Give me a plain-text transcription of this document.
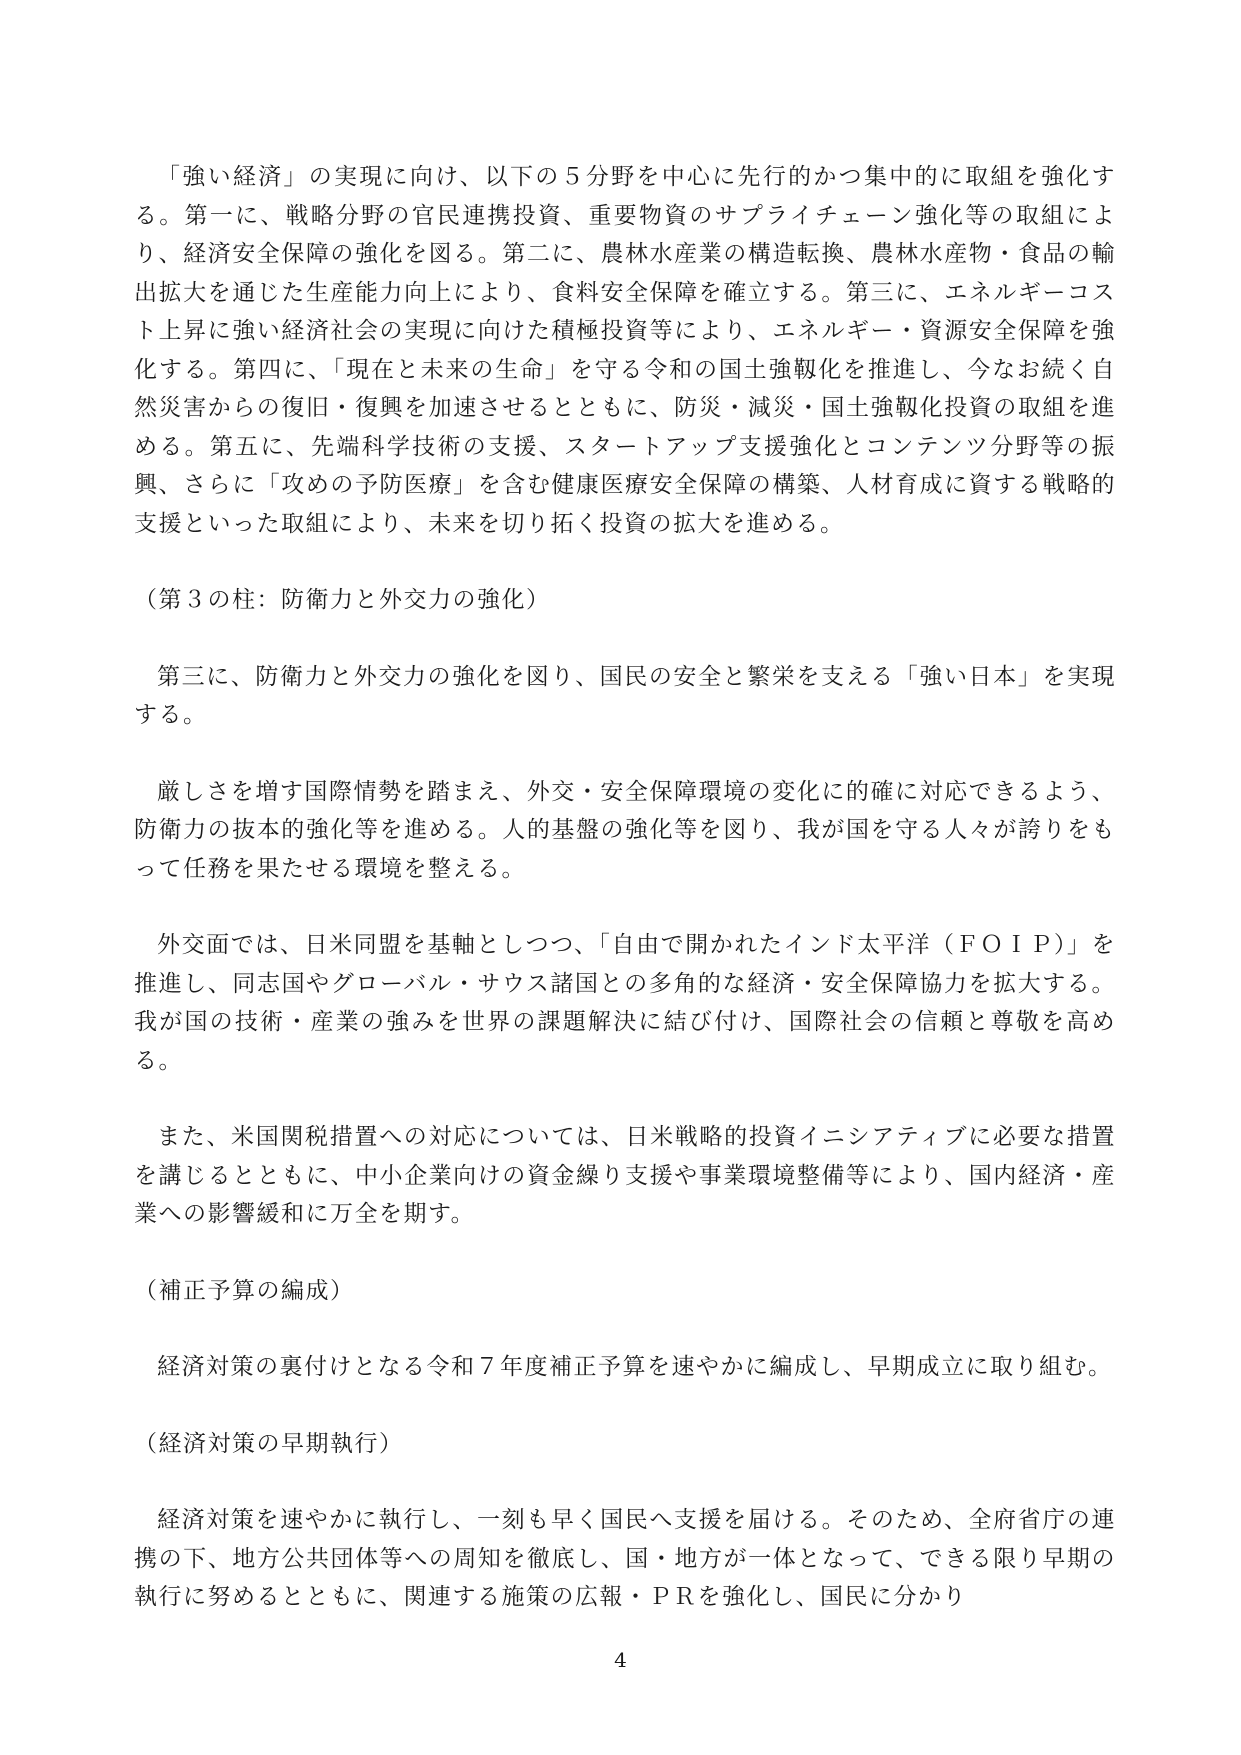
「強い経済」の実現に向け、以下の５分野を中心に先行的かつ集中的に取組を強化する。第一に、戦略分野の官民連携投資、重要物資のサプライチェーン強化等の取組により、経済安全保障の強化を図る。第二に、農林水産業の構造転換、農林水産物・食品の輸出拡大を通じた生産能力向上により、食料安全保障を確立する。第三に、エネルギーコスト上昇に強い経済社会の実現に向けた積極投資等により、エネルギー・資源安全保障を強化する。第四に、「現在と未来の生命」を守る令和の国土強靱化を推進し、今なお続く自然災害からの復旧・復興を加速させるとともに、防災・減災・国土強靱化投資の取組を進める。第五に、先端科学技術の支援、スタートアップ支援強化とコンテンツ分野等の振興、さらに「攻めの予防医療」を含む健康医療安全保障の構築、人材育成に資する戦略的支援といった取組により、未来を切り拓く投資の拡大を進める。

（第３の柱：防衛力と外交力の強化）

第三に、防衛力と外交力の強化を図り、国民の安全と繁栄を支える「強い日本」を実現する。

厳しさを増す国際情勢を踏まえ、外交・安全保障環境の変化に的確に対応できるよう、防衛力の抜本的強化等を進める。人的基盤の強化等を図り、我が国を守る人々が誇りをもって任務を果たせる環境を整える。

外交面では、日米同盟を基軸としつつ、「自由で開かれたインド太平洋（ＦＯＩＰ）」を推進し、同志国やグローバル・サウス諸国との多角的な経済・安全保障協力を拡大する。我が国の技術・産業の強みを世界の課題解決に結び付け、国際社会の信頼と尊敬を高める。

また、米国関税措置への対応については、日米戦略的投資イニシアティブに必要な措置を講じるとともに、中小企業向けの資金繰り支援や事業環境整備等により、国内経済・産業への影響緩和に万全を期す。

（補正予算の編成）

経済対策の裏付けとなる令和７年度補正予算を速やかに編成し、早期成立に取り組む。

（経済対策の早期執行）

経済対策を速やかに執行し、一刻も早く国民へ支援を届ける。そのため、全府省庁の連携の下、地方公共団体等への周知を徹底し、国・地方が一体となって、できる限り早期の執行に努めるとともに、関連する施策の広報・ＰＲを強化し、国民に分かり

4
